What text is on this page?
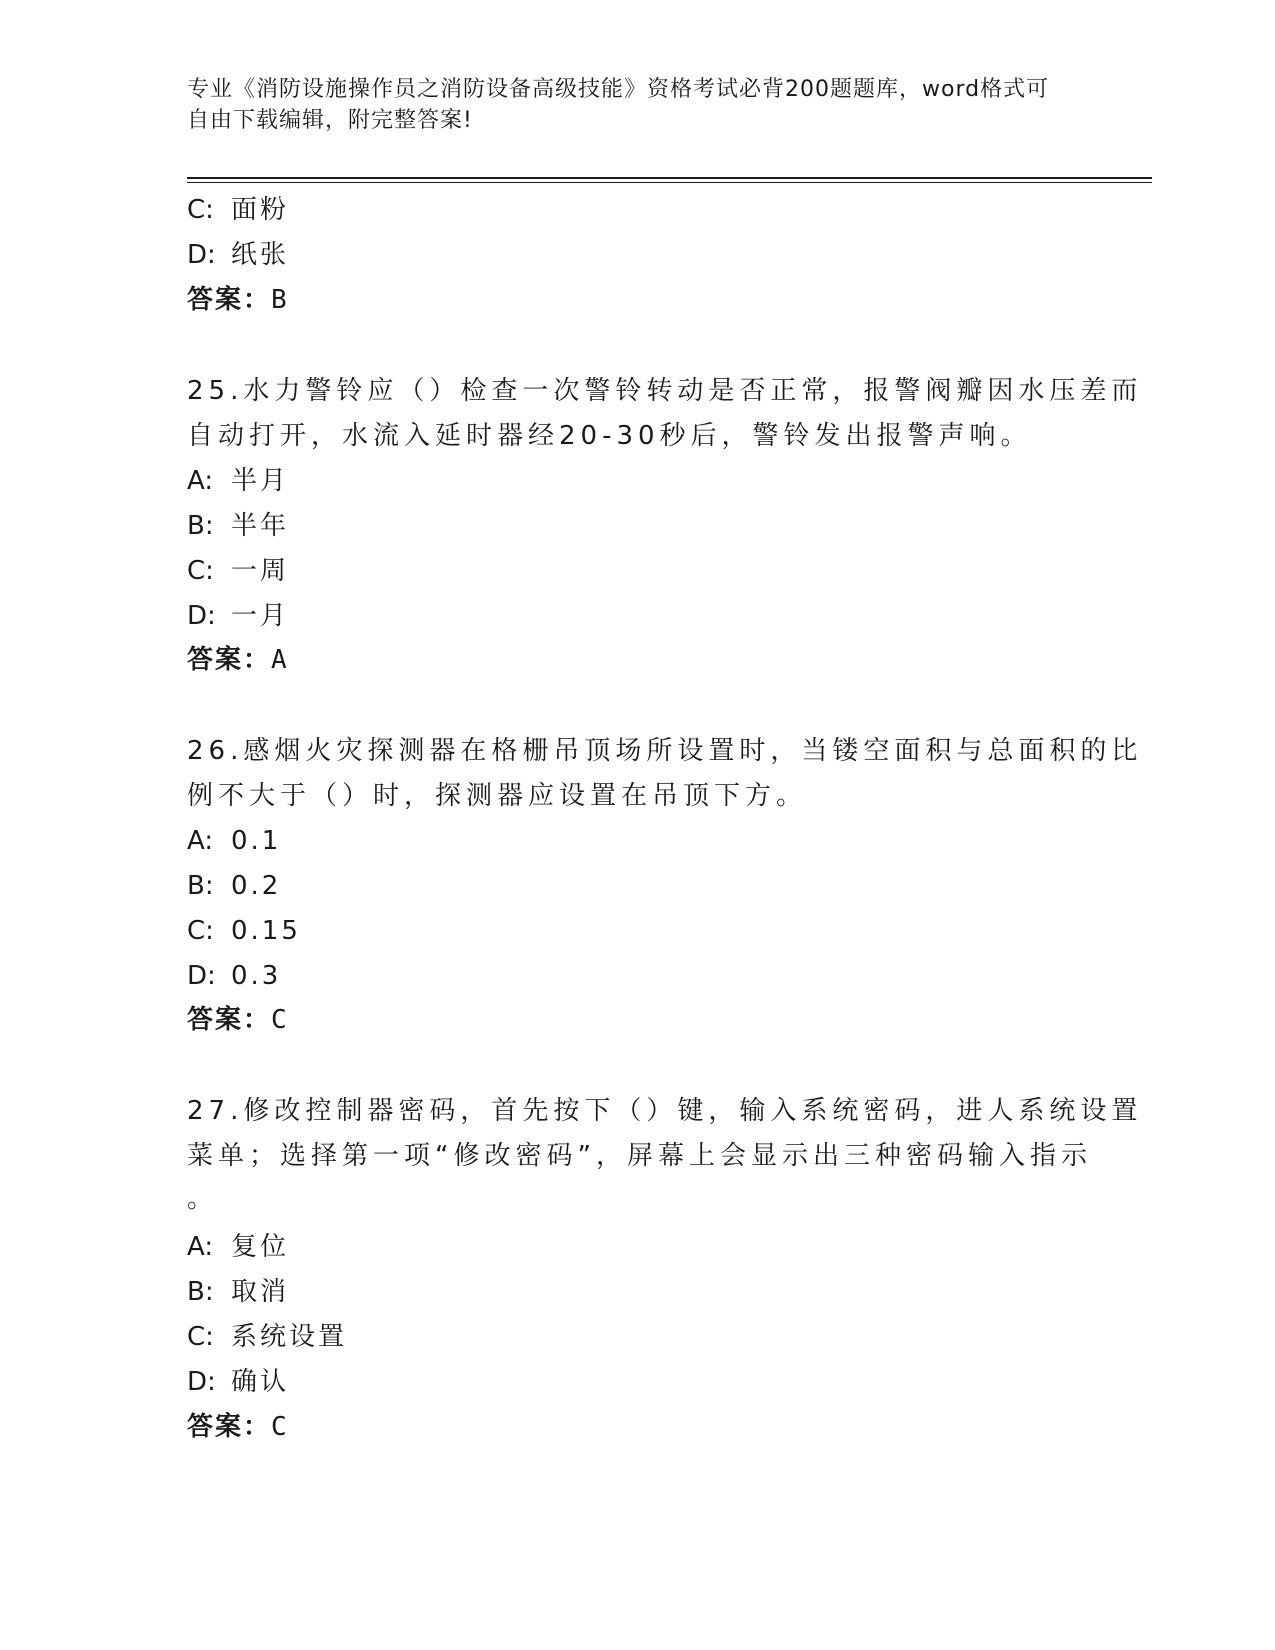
专业《消防设施操作员之消防设备高级技能》资格考试必背200题题库，word格式可自由下载编辑，附完整答案!
C: 面粉
D: 纸张
答案：B
25.水力警铃应（）检查一次警铃转动是否正常，报警阀瓣因水压差而
自动打开，水流入延时器经20-30秒后，警铃发出报警声响。
A: 半月
B: 半年
C: 一周
D: 一月
答案：A
26.感烟火灾探测器在格栅吊顶场所设置时，当镂空面积与总面积的比
例不大于（）时，探测器应设置在吊顶下方。
A: 0.1
B: 0.2
C: 0.15
D: 0.3
答案：C
27.修改控制器密码，首先按下（）键，输入系统密码，进人系统设置
菜单；选择第一项“修改密码”，屏幕上会显示出三种密码输入指示
。
A: 复位
B: 取消
C: 系统设置
D: 确认
答案：C
